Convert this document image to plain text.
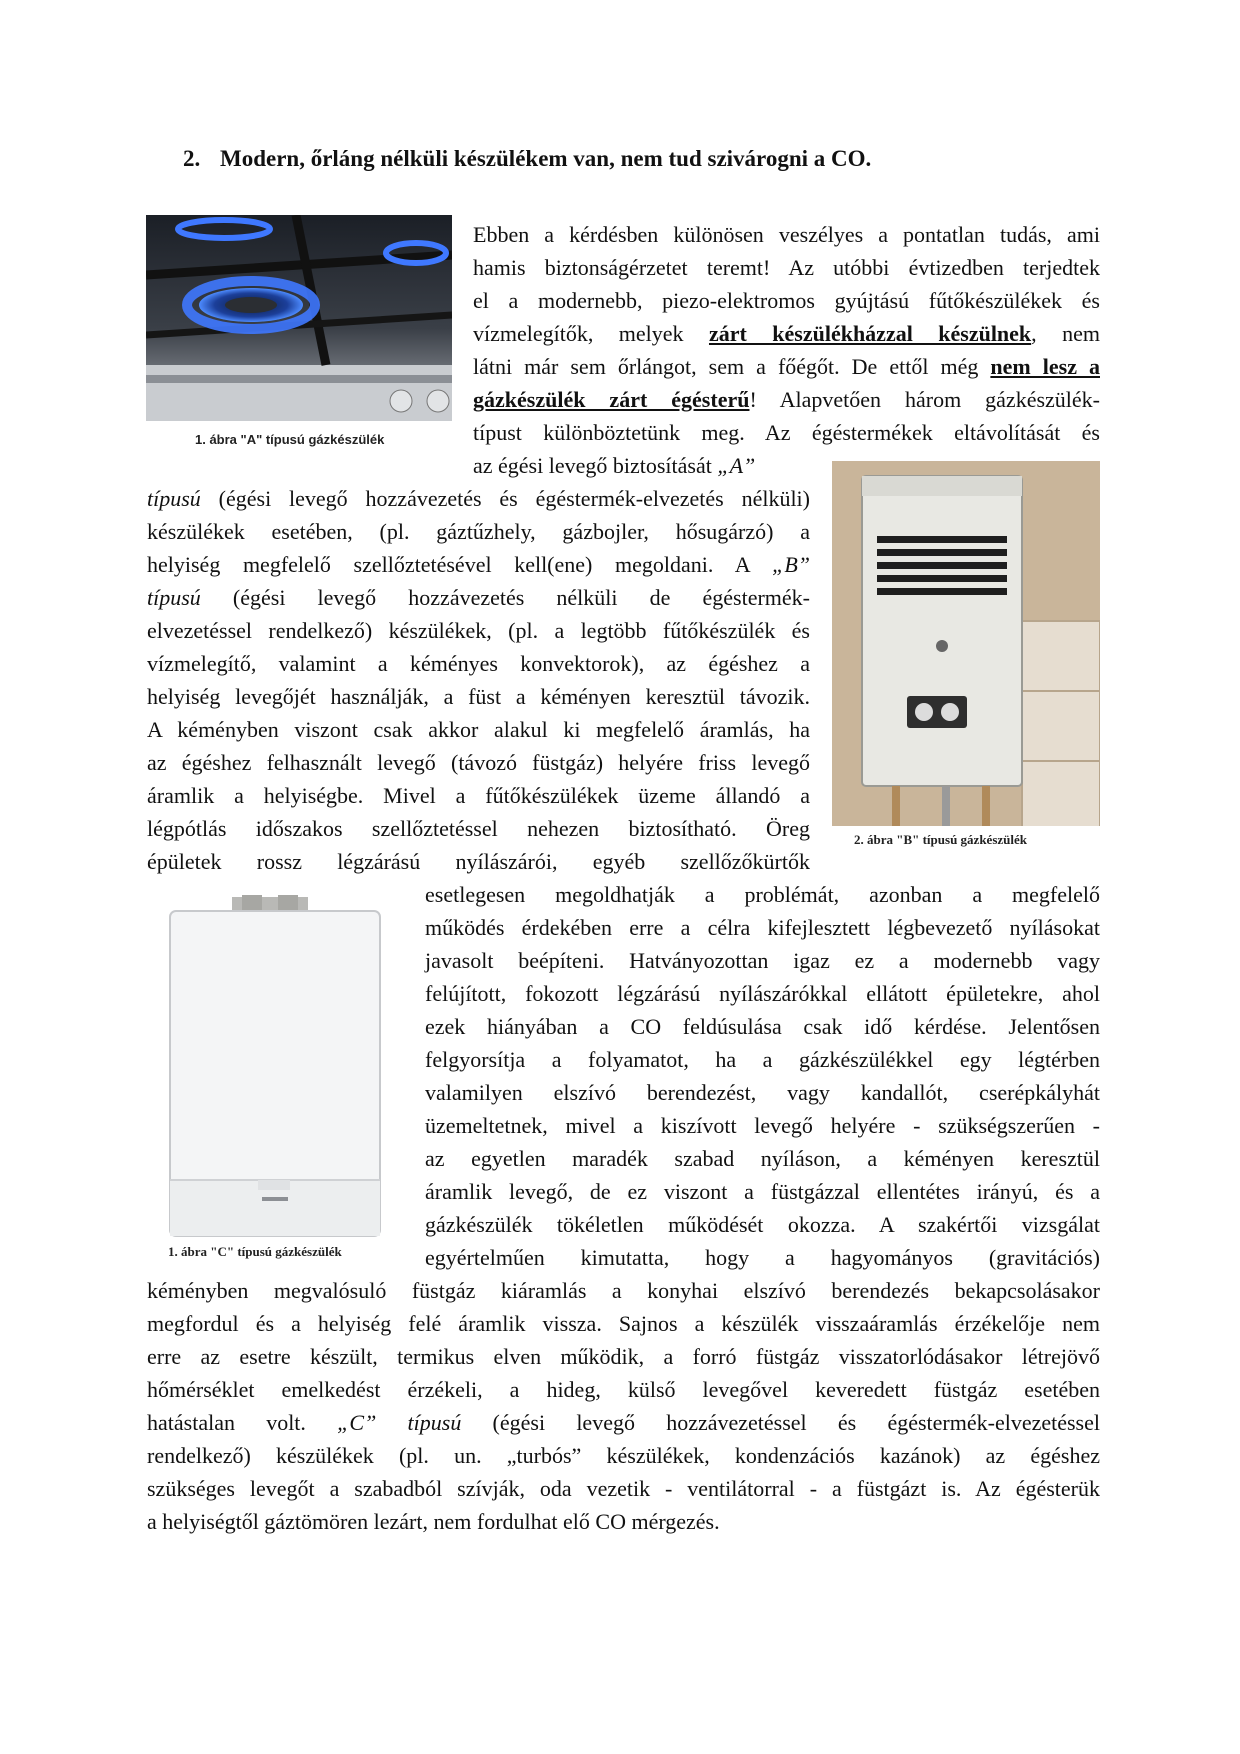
2. Modern, őrláng nélküli készülékem van, nem tud szivárogni a CO.
1. ábra "A" típusú gázkészülék
2. ábra "B" típusú gázkészülék
1. ábra "C" típusú gázkészülék
Ebben a kérdésben különösen veszélyes a pontatlan tudás, ami
hamis biztonságérzetet teremt! Az utóbbi évtizedben terjedtek
el a modernebb, piezo-elektromos gyújtású fűtőkészülékek és
vízmelegítők, melyek zárt készülékházzal készülnek, nem
látni már sem őrlángot, sem a főégőt. De ettől még nem lesz a
gázkészülék zárt égésterű! Alapvetően három gázkészülék-
típust különböztetünk meg. Az égéstermékek eltávolítását és
az égési levegő biztosítását „A”
típusú (égési levegő hozzávezetés és égéstermék-elvezetés nélküli)
készülékek esetében, (pl. gáztűzhely, gázbojler, hősugárzó) a
helyiség megfelelő szellőztetésével kell(ene) megoldani. A „B”
típusú (égési levegő hozzávezetés nélküli de égéstermék-
elvezetéssel rendelkező) készülékek, (pl. a legtöbb fűtőkészülék és
vízmelegítő, valamint a kéményes konvektorok), az égéshez a
helyiség levegőjét használják, a füst a kéményen keresztül távozik.
A kéményben viszont csak akkor alakul ki megfelelő áramlás, ha
az égéshez felhasznált levegő (távozó füstgáz) helyére friss levegő
áramlik a helyiségbe. Mivel a fűtőkészülékek üzeme állandó a
légpótlás időszakos szellőztetéssel nehezen biztosítható. Öreg
épületek rossz légzárású nyílászárói, egyéb szellőzőkürtők
esetlegesen megoldhatják a problémát, azonban a megfelelő
működés érdekében erre a célra kifejlesztett légbevezető nyílásokat
javasolt beépíteni. Hatványozottan igaz ez a modernebb vagy
felújított, fokozott légzárású nyílászárókkal ellátott épületekre, ahol
ezek hiányában a CO feldúsulása csak idő kérdése. Jelentősen
felgyorsítja a folyamatot, ha a gázkészülékkel egy légtérben
valamilyen elszívó berendezést, vagy kandallót, cserépkályhát
üzemeltetnek, mivel a kiszívott levegő helyére - szükségszerűen -
az egyetlen maradék szabad nyíláson, a kéményen keresztül
áramlik levegő, de ez viszont a füstgázzal ellentétes irányú, és a
gázkészülék tökéletlen működését okozza. A szakértői vizsgálat
egyértelműen kimutatta, hogy a hagyományos (gravitációs)
kéményben megvalósuló füstgáz kiáramlás a konyhai elszívó berendezés bekapcsolásakor
megfordul és a helyiség felé áramlik vissza. Sajnos a készülék visszaáramlás érzékelője nem
erre az esetre készült, termikus elven működik, a forró füstgáz visszatorlódásakor létrejövő
hőmérséklet emelkedést érzékeli, a hideg, külső levegővel keveredett füstgáz esetében
hatástalan volt. „C” típusú (égési levegő hozzávezetéssel és égéstermék-elvezetéssel
rendelkező) készülékek (pl. un. „turbós” készülékek, kondenzációs kazánok) az égéshez
szükséges levegőt a szabadból szívják, oda vezetik - ventilátorral - a füstgázt is. Az égésterük
a helyiségtől gáztömören lezárt, nem fordulhat elő CO mérgezés.
